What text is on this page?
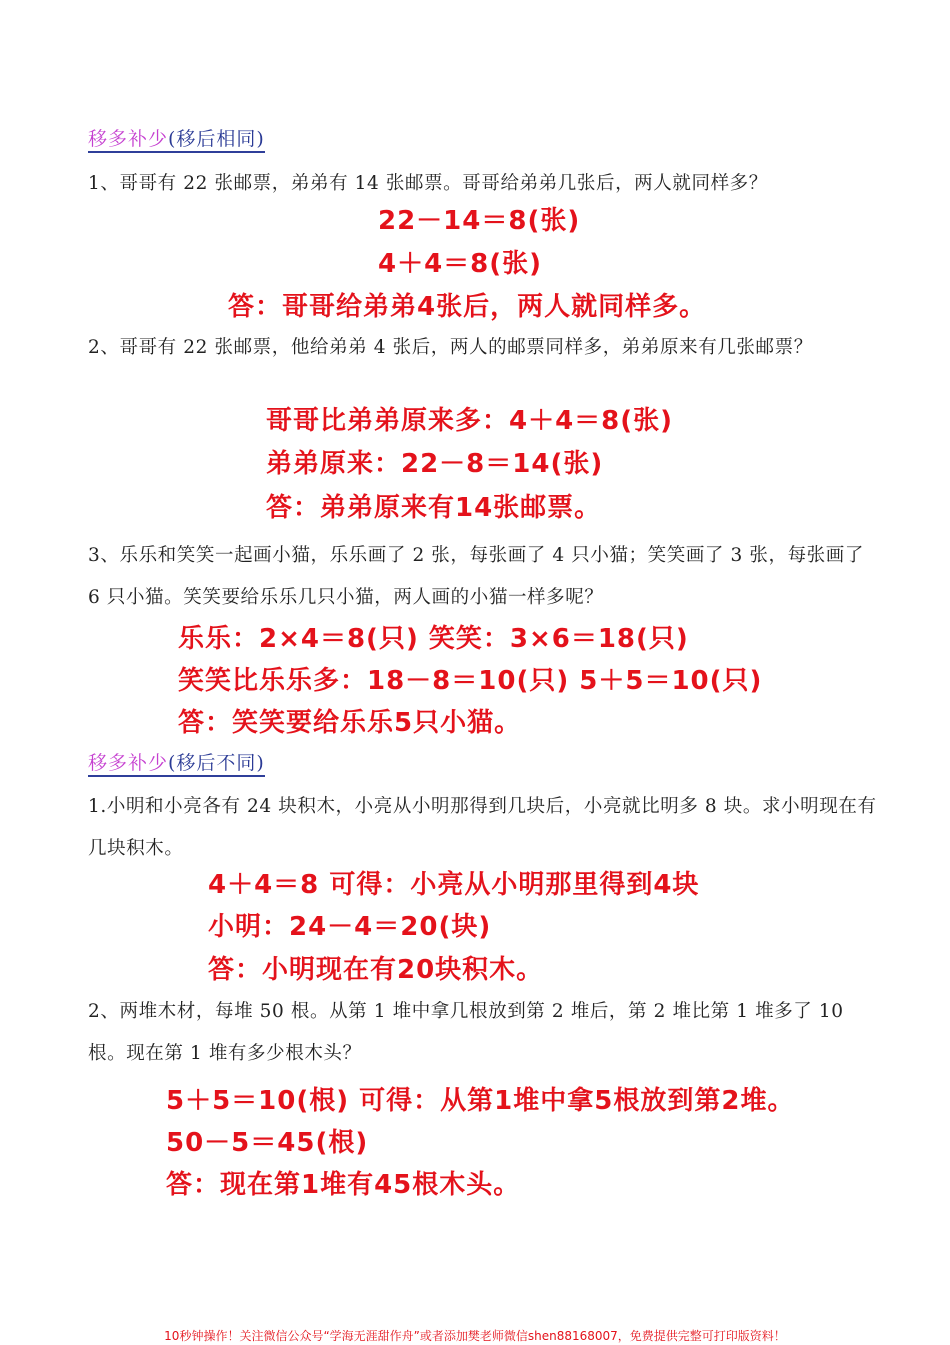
移多补少(移后相同)
1、哥哥有 22 张邮票，弟弟有 14 张邮票。哥哥给弟弟几张后，两人就同样多？
22－14＝8(张)
4＋4＝8(张)
答：哥哥给弟弟4张后，两人就同样多。
2、哥哥有 22 张邮票，他给弟弟 4 张后，两人的邮票同样多，弟弟原来有几张邮票？
哥哥比弟弟原来多：4＋4＝8(张)
弟弟原来：22－8＝14(张)
答：弟弟原来有14张邮票。
3、乐乐和笑笑一起画小猫，乐乐画了 2 张，每张画了 4 只小猫；笑笑画了 3 张，每张画了 6 只小猫。笑笑要给乐乐几只小猫，两人画的小猫一样多呢？
乐乐：2×4＝8(只) 笑笑：3×6＝18(只)
笑笑比乐乐多：18－8＝10(只) 5＋5＝10(只)
答：笑笑要给乐乐5只小猫。
移多补少(移后不同)
1.小明和小亮各有 24 块积木，小亮从小明那得到几块后，小亮就比明多 8 块。求小明现在有几块积木。
4＋4＝8 可得：小亮从小明那里得到4块
小明：24－4＝20(块)
答：小明现在有20块积木。
2、两堆木材，每堆 50 根。从第 1 堆中拿几根放到第 2 堆后，第 2 堆比第 1 堆多了 10 根。现在第 1 堆有多少根木头？
5＋5＝10(根) 可得：从第1堆中拿5根放到第2堆。
50－5＝45(根)
答：现在第1堆有45根木头。
10秒钟操作！关注微信公众号“学海无涯甜作舟”或者添加樊老师微信shen88168007，免费提供完整可打印版资料！
